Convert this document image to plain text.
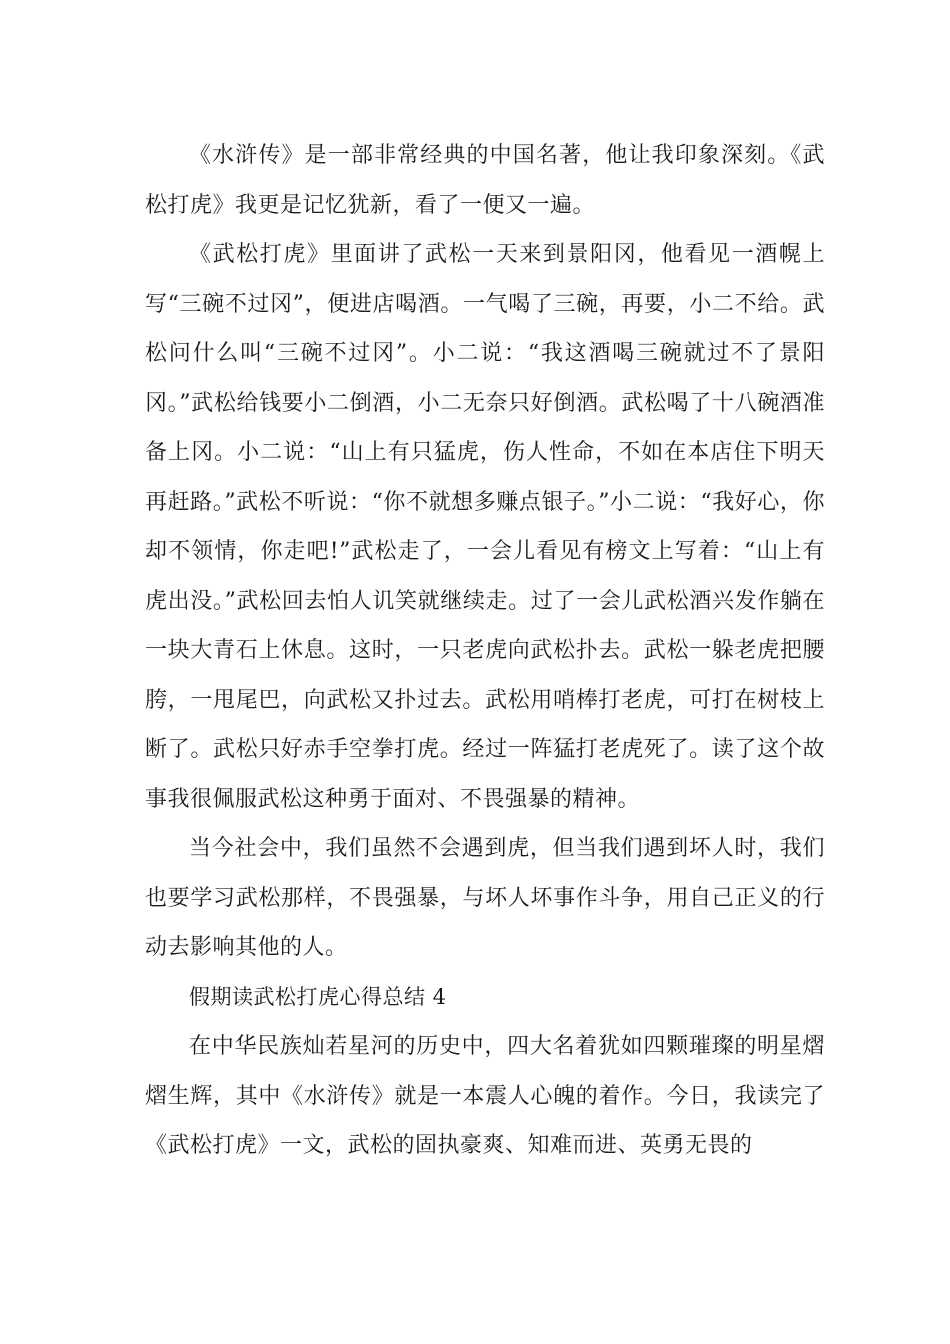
《水浒传》是一部非常经典的中国名著，他让我印象深刻。《武松打虎》我更是记忆犹新，看了一便又一遍。

《武松打虎》里面讲了武松一天来到景阳冈，他看见一酒幌上写“三碗不过冈”，便进店喝酒。一气喝了三碗，再要，小二不给。武松问什么叫“三碗不过冈”。小二说：“我这酒喝三碗就过不了景阳冈。”武松给钱要小二倒酒，小二无奈只好倒酒。武松喝了十八碗酒准备上冈。小二说：“山上有只猛虎，伤人性命，不如在本店住下明天再赶路。”武松不听说：“你不就想多赚点银子。”小二说：“我好心，你却不领情，你走吧!”武松走了，一会儿看见有榜文上写着：“山上有虎出没。”武松回去怕人讥笑就继续走。过了一会儿武松酒兴发作躺在一块大青石上休息。这时，一只老虎向武松扑去。武松一躲老虎把腰胯，一甩尾巴，向武松又扑过去。武松用哨棒打老虎，可打在树枝上断了。武松只好赤手空拳打虎。经过一阵猛打老虎死了。读了这个故事我很佩服武松这种勇于面对、不畏强暴的精神。

当今社会中，我们虽然不会遇到虎，但当我们遇到坏人时，我们也要学习武松那样，不畏强暴，与坏人坏事作斗争，用自己正义的行动去影响其他的人。

假期读武松打虎心得总结 4

在中华民族灿若星河的历史中，四大名着犹如四颗璀璨的明星熠熠生辉，其中《水浒传》就是一本震人心魄的着作。今日，我读完了《武松打虎》一文，武松的固执豪爽、知难而进、英勇无畏的
